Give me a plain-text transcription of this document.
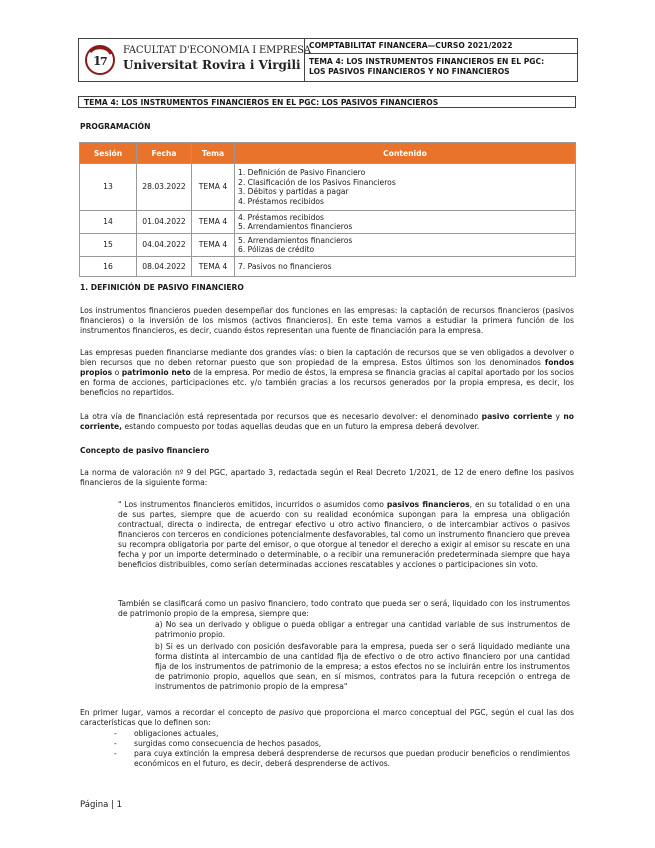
1
7
FACULTAT D'ECONOMIA I EMPRESA
Universitat Rovira i Virgili
COMPTABILITAT FINANCERA—CURSO 2021/2022
TEMA 4: LOS INSTRUMENTOS FINANCIEROS EN EL PGC:
LOS PASIVOS FINANCIEROS Y NO FINANCIEROS
TEMA 4: LOS INSTRUMENTOS FINANCIEROS EN EL PGC: LOS PASIVOS FINANCIEROS
PROGRAMACIÓN
Sesión	Fecha	Tema	Contenido
13	28.03.2022	TEMA 4	1. Definición de Pasivo Financiero
2. Clasificación de los Pasivos Financieros
3. Débitos y partidas a pagar
4. Préstamos recibidos

14	01.04.2022	TEMA 4	4. Préstamos recibidos
5. Arrendamientos financieros

15	04.04.2022	TEMA 4	5. Arrendamientos financieros
6. Pólizas de crédito

16	08.04.2022	TEMA 4	7. Pasivos no financieros
1. DEFINICIÓN DE PASIVO FINANCIERO
Los instrumentos financieros pueden desempeñar dos funciones en las empresas: la captación de recursos financieros (pasivos financieros) o la inversión de los mismos (activos financieros). En este tema vamos a estudiar la primera función de los instrumentos financieros, es decir, cuando éstos representan una fuente de financiación para la empresa.
Las empresas pueden financiarse mediante dos grandes vías: o bien la captación de recursos que se ven obligados a devolver o bien recursos que no deben retornar puesto que son propiedad de la empresa. Estos últimos son los denominados fondos propios o patrimonio neto de la empresa. Por medio de éstos, la empresa se financia gracias al capital aportado por los socios en forma de acciones, participaciones etc. y/o también gracias a los recursos generados por la propia empresa, es decir, los beneficios no repartidos.
La otra vía de financiación está representada por recursos que es necesario devolver: el denominado pasivo corriente y no corriente, estando compuesto por todas aquellas deudas que en un futuro la empresa deberá devolver.
Concepto de pasivo financiero
La norma de valoración nº 9 del PGC, apartado 3, redactada según el Real Decreto 1/2021, de 12 de enero define los pasivos financieros de la siguiente forma:
" Los instrumentos financieros emitidos, incurridos o asumidos como pasivos financieros, en su totalidad o en una de sus partes, siempre que de acuerdo con su realidad económica supongan para la empresa una obligación contractual, directa o indirecta, de entregar efectivo u otro activo financiero, o de intercambiar activos o pasivos financieros con terceros en condiciones potencialmente desfavorables, tal como un instrumento financiero que prevea su recompra obligatoria por parte del emisor, o que otorgue al tenedor el derecho a exigir al emisor su rescate en una fecha y por un importe determinado o determinable, o a recibir una remuneración predeterminada siempre que haya beneficios distribuibles, como serían determinadas acciones rescatables y acciones o participaciones sin voto.
También se clasificará como un pasivo financiero, todo contrato que pueda ser o será, liquidado con los instrumentos de patrimonio propio de la empresa, siempre que:
a) No sea un derivado y obligue o pueda obligar a entregar una cantidad variable de sus instrumentos de patrimonio propio.
b) Si es un derivado con posición desfavorable para la empresa, pueda ser o será liquidado mediante una forma distinta al intercambio de una cantidad fija de efectivo o de otro activo financiero por una cantidad fija de los instrumentos de patrimonio de la empresa; a estos efectos no se incluirán entre los instrumentos de patrimonio propio, aquellos que sean, en sí mismos, contratos para la futura recepción o entrega de instrumentos de patrimonio propio de la empresa"
En primer lugar, vamos a recordar el concepto de pasivo que proporciona el marco conceptual del PGC, según el cual las dos características que lo definen son:
- obligaciones actuales,
- surgidas como consecuencia de hechos pasados,
- para cuya extinción la empresa deberá desprenderse de recursos que puedan producir beneficios o rendimientos económicos en el futuro, es decir, deberá desprenderse de activos.
Página | 1
